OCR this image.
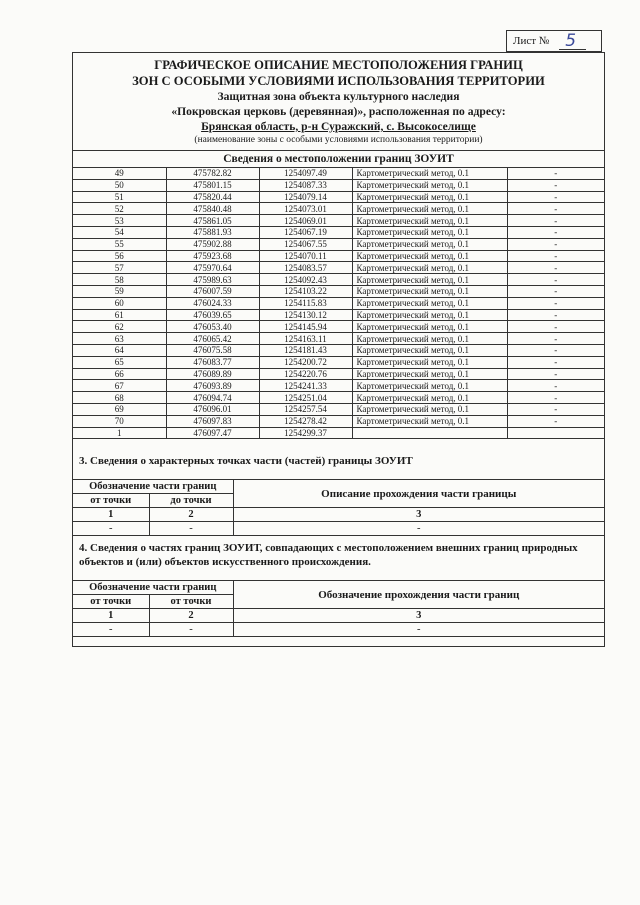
Лист № 5
ГРАФИЧЕСКОЕ ОПИСАНИЕ МЕСТОПОЛОЖЕНИЯ ГРАНИЦ
ЗОН С ОСОБЫМИ УСЛОВИЯМИ ИСПОЛЬЗОВАНИЯ ТЕРРИТОРИИ
Защитная зона объекта культурного наследия
«Покровская церковь (деревянная)», расположенная по адресу:
Брянская область, р-н Суражский, с. Высокоселище
(наименование зоны с особыми условиями использования территории)
Сведения о местоположении границ ЗОУИТ
49	475782.82	1254097.49	Картометрический метод, 0.1	-
50	475801.15	1254087.33	Картометрический метод, 0.1	-
51	475820.44	1254079.14	Картометрический метод, 0.1	-
52	475840.48	1254073.01	Картометрический метод, 0.1	-
53	475861.05	1254069.01	Картометрический метод, 0.1	-
54	475881.93	1254067.19	Картометрический метод, 0.1	-
55	475902.88	1254067.55	Картометрический метод, 0.1	-
56	475923.68	1254070.11	Картометрический метод, 0.1	-
57	475970.64	1254083.57	Картометрический метод, 0.1	-
58	475989.63	1254092.43	Картометрический метод, 0.1	-
59	476007.59	1254103.22	Картометрический метод, 0.1	-
60	476024.33	1254115.83	Картометрический метод, 0.1	-
61	476039.65	1254130.12	Картометрический метод, 0.1	-
62	476053.40	1254145.94	Картометрический метод, 0.1	-
63	476065.42	1254163.11	Картометрический метод, 0.1	-
64	476075.58	1254181.43	Картометрический метод, 0.1	-
65	476083.77	1254200.72	Картометрический метод, 0.1	-
66	476089.89	1254220.76	Картометрический метод, 0.1	-
67	476093.89	1254241.33	Картометрический метод, 0.1	-
68	476094.74	1254251.04	Картометрический метод, 0.1	-
69	476096.01	1254257.54	Картометрический метод, 0.1	-
70	476097.83	1254278.42	Картометрический метод, 0.1	-
1	476097.47	1254299.37		
3. Сведения о характерных точках части (частей) границы ЗОУИТ
Обозначение части границ		Описание прохождения части границы
от точки	до точки	
1	2	3
-	-	-
4. Сведения о частях границ ЗОУИТ, совпадающих с местоположением внешних границ природных объектов и (или) объектов искусственного происхождения.
Обозначение части границ		Обозначение прохождения части границ
от точки	от точки	
1	2	3
-	-	-
